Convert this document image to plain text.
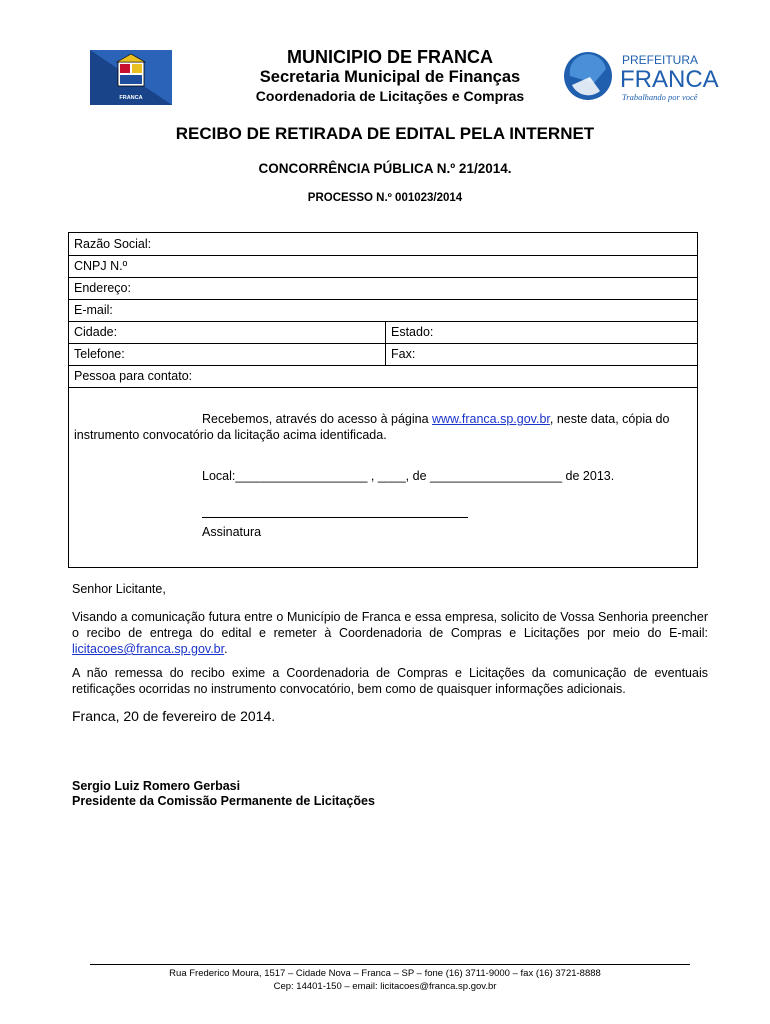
FRANCA
MUNICIPIO DE FRANCA
Secretaria Municipal de Finanças
Coordenadoria de Licitações e Compras
PREFEITURA
FRANCA
Trabalhando por você
RECIBO DE RETIRADA DE EDITAL PELA INTERNET
CONCORRÊNCIA PÚBLICA N.º 21/2014.
PROCESSO N.º 001023/2014
Razão Social:
CNPJ N.º
Endereço:
E-mail:
Cidade:	Estado:
Telefone:	Fax:
Pessoa para contato:
Recebemos, através do acesso à página www.franca.sp.gov.br, neste data, cópia do instrumento convocatório da licitação acima identificada.
Local:___________________ , ____, de ___________________ de 2013.
Assinatura
Senhor Licitante,
Visando a comunicação futura entre o Município de Franca e essa empresa, solicito de Vossa Senhoria preencher o recibo de entrega do edital e remeter à Coordenadoria de Compras e Licitações por meio do E-mail: licitacoes@franca.sp.gov.br.
A não remessa do recibo exime a Coordenadoria de Compras e Licitações da comunicação de eventuais retificações ocorridas no instrumento convocatório, bem como de quaisquer informações adicionais.
Franca, 20 de fevereiro de 2014.
Sergio Luiz Romero Gerbasi
Presidente da Comissão Permanente de Licitações
Rua Frederico Moura, 1517 – Cidade Nova – Franca – SP – fone (16) 3711-9000 – fax (16) 3721-8888
Cep: 14401-150 – email: licitacoes@franca.sp.gov.br
